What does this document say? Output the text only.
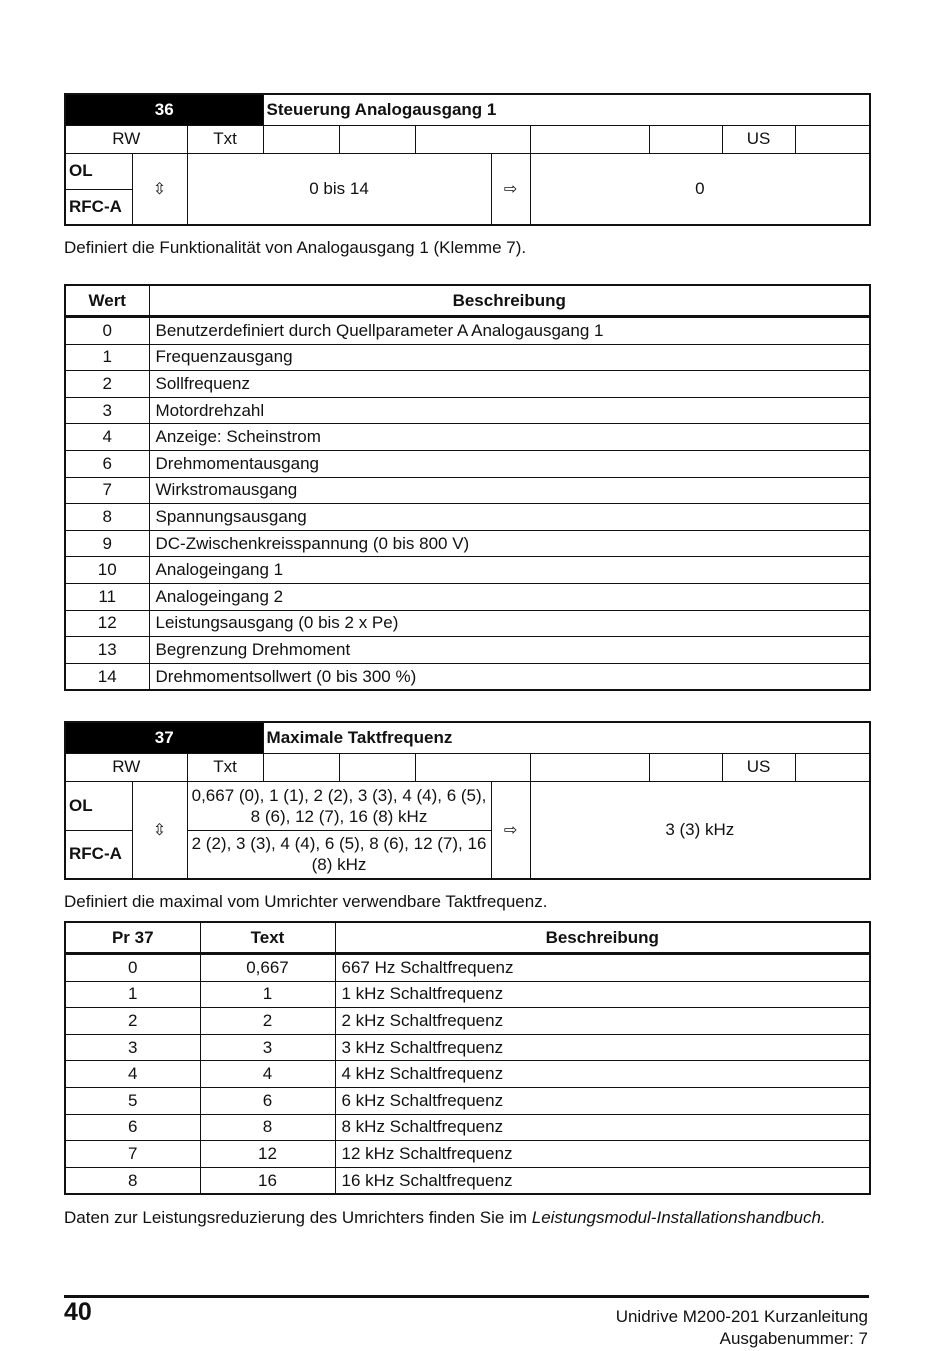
36			Steuerung Analogausgang 1							
RW		Txt							US	
OL	⇳	0 bis 14				⇨	0			
RFC-A										
Definiert die Funktionalität von Analogausgang 1 (Klemme 7).
Wert	Beschreibung
0	Benutzerdefiniert durch Quellparameter A Analogausgang 1
1	Frequenzausgang
2	Sollfrequenz
3	Motordrehzahl
4	Anzeige: Scheinstrom
6	Drehmomentausgang
7	Wirkstromausgang
8	Spannungsausgang
9	DC-Zwischenkreisspannung (0 bis 800 V)
10	Analogeingang 1
11	Analogeingang 2
12	Leistungsausgang (0 bis 2 x Pe)
13	Begrenzung Drehmoment
14	Drehmomentsollwert (0 bis 300 %)
37			Maximale Taktfrequenz							
RW		Txt							US	
OL	⇳	0,667 (0), 1 (1), 2 (2), 3 (3), 4 (4), 6 (5), 8 (6), 12 (7), 16 (8) kHz				⇨	3 (3) kHz			
RFC-A		2 (2), 3 (3), 4 (4), 6 (5), 8 (6), 12 (7), 16 (8) kHz								
Definiert die maximal vom Umrichter verwendbare Taktfrequenz.
Pr 37	Text	Beschreibung
0	0,667	667 Hz Schaltfrequenz
1	1	1 kHz Schaltfrequenz
2	2	2 kHz Schaltfrequenz
3	3	3 kHz Schaltfrequenz
4	4	4 kHz Schaltfrequenz
5	6	6 kHz Schaltfrequenz
6	8	8 kHz Schaltfrequenz
7	12	12 kHz Schaltfrequenz
8	16	16 kHz Schaltfrequenz
Daten zur Leistungsreduzierung des Umrichters finden Sie im Leistungsmodul-Installationshandbuch.
40	Unidrive M200-201 Kurzanleitung
Ausgabenummer: 7
